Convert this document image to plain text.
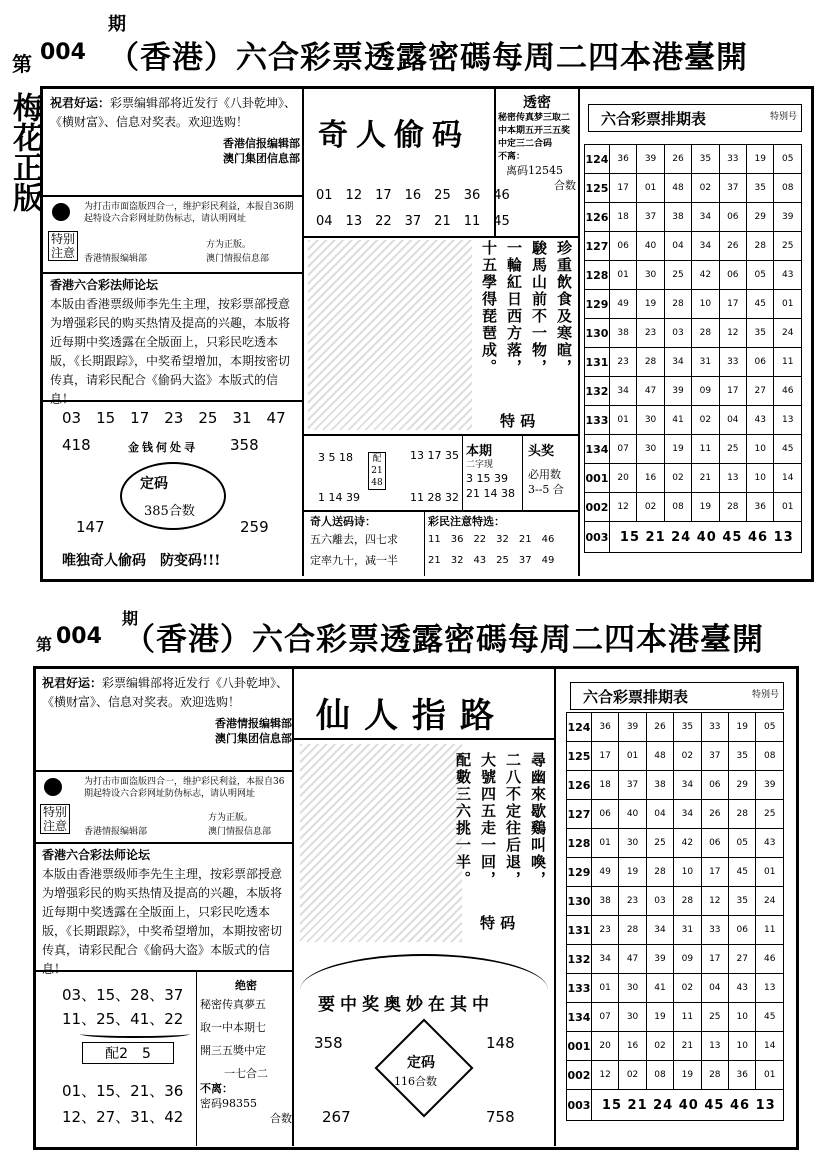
第
期
004 （香港）六合彩票透露密碼每周二四本港臺開
梅花正版 祝君好运：彩票编辑部将近发行《八卦乾坤》、《横财富》、信息对奖表。欢迎选购！
香港信报编辑部
澳门集团信息部
特别注意
为打击市面盗版四合一，维护彩民利益，本报自36期起特设六合彩网址防伪标志，请认明网址
方为正版。
香港情报编辑部	澳门情报信息部
香港六合彩法师论坛
本版由香港票级师李先生主理，按彩票部授意为增强彩民的购买热情及提高的兴趣，本版将近每期中奖透露在全版面上，只彩民吃透本版，《长期跟踪》，中奖希望增加，本期按密切传真，请彩民配合《偷码大盗》本版式的信息！
03　15　17　23　25　31　47
418	358
金钱何处寻
定码
385合数
147	259
唯独奇人偷码　防变码!!!
奇人偷码
01　12　17　16　25　36　46
04　13　22　37　21　11　45
透密
秘密传真梦三取二中本期五开三五奖中定三二合码
不离：
离码12545
合数
珍重飲食及寒暄，
駿馬山前不一物，
一輪紅日西方落，
十五學得琵琶成。
特 码
3 5 18
1 14 39
配 21 48
13 17 35
11 28 32
本期
二字现
3 15 39
21 14 38
头奖
必用数
3--5 合
奇人送码诗：
五六離去，四七求
定率九十，减一半
彩民注意特选：
11　36　22　32　21　46
21　32　43　25　37　49
六合彩票排期表	特别号
124	36	39	26	35	33	19	05
125	17	01	48	02	37	35	08
126	18	37	38	34	06	29	39
127	06	40	04	34	26	28	25
128	01	30	25	42	06	05	43
129	49	19	28	10	17	45	01
130	38	23	03	28	12	35	24
131	23	28	34	31	33	06	11
132	34	47	39	09	17	27	46
133	01	30	41	02	04	43	13
134	07	30	19	11	25	10	45
001	20	16	02	21	13	10	14
002	12	02	08	19	28	36	01
003	15 21 24 40 45 46 13						
第
期
004 （香港）六合彩票透露密碼每周二四本港臺開
祝君好运：彩票编辑部将近发行《八卦乾坤》、《横财富》、信息对奖表。欢迎选购！
香港情报编辑部
澳门集团信息部
特别注意
为打击市面盗版四合一，维护彩民利益，本报自36期起特设六合彩网址防伪标志，请认明网址
方为正版。
香港情报编辑部	澳门情报信息部
香港六合彩法师论坛
本版由香港票级师李先生主理，按彩票部授意为增强彩民的购买热情及提高的兴趣，本版将近每期中奖透露在全版面上，只彩民吃透本版，《长期跟踪》，中奖希望增加，本期按密切传真，请彩民配合《偷码大盗》本版式的信息！
03、15、28、37
11、25、41、22
配2　5
01、15、21、36
12、27、31、42
绝密
秘密传真夢五
取一中本期七
開三五獎中定
一七合二
不离：
密码98355
合数
仙人指路
尋幽來歇鷄叫喚，
二八不定往后退，
大號四五走一回，
配數三六挑一半。
特 码
要中奖奥妙在其中
358	148
定码
116合数
267	758
六合彩票排期表	特别号
124	36	39	26	35	33	19	05
125	17	01	48	02	37	35	08
126	18	37	38	34	06	29	39
127	06	40	04	34	26	28	25
128	01	30	25	42	06	05	43
129	49	19	28	10	17	45	01
130	38	23	03	28	12	35	24
131	23	28	34	31	33	06	11
132	34	47	39	09	17	27	46
133	01	30	41	02	04	43	13
134	07	30	19	11	25	10	45
001	20	16	02	21	13	10	14
002	12	02	08	19	28	36	01
003	15 21 24 40 45 46 13						
